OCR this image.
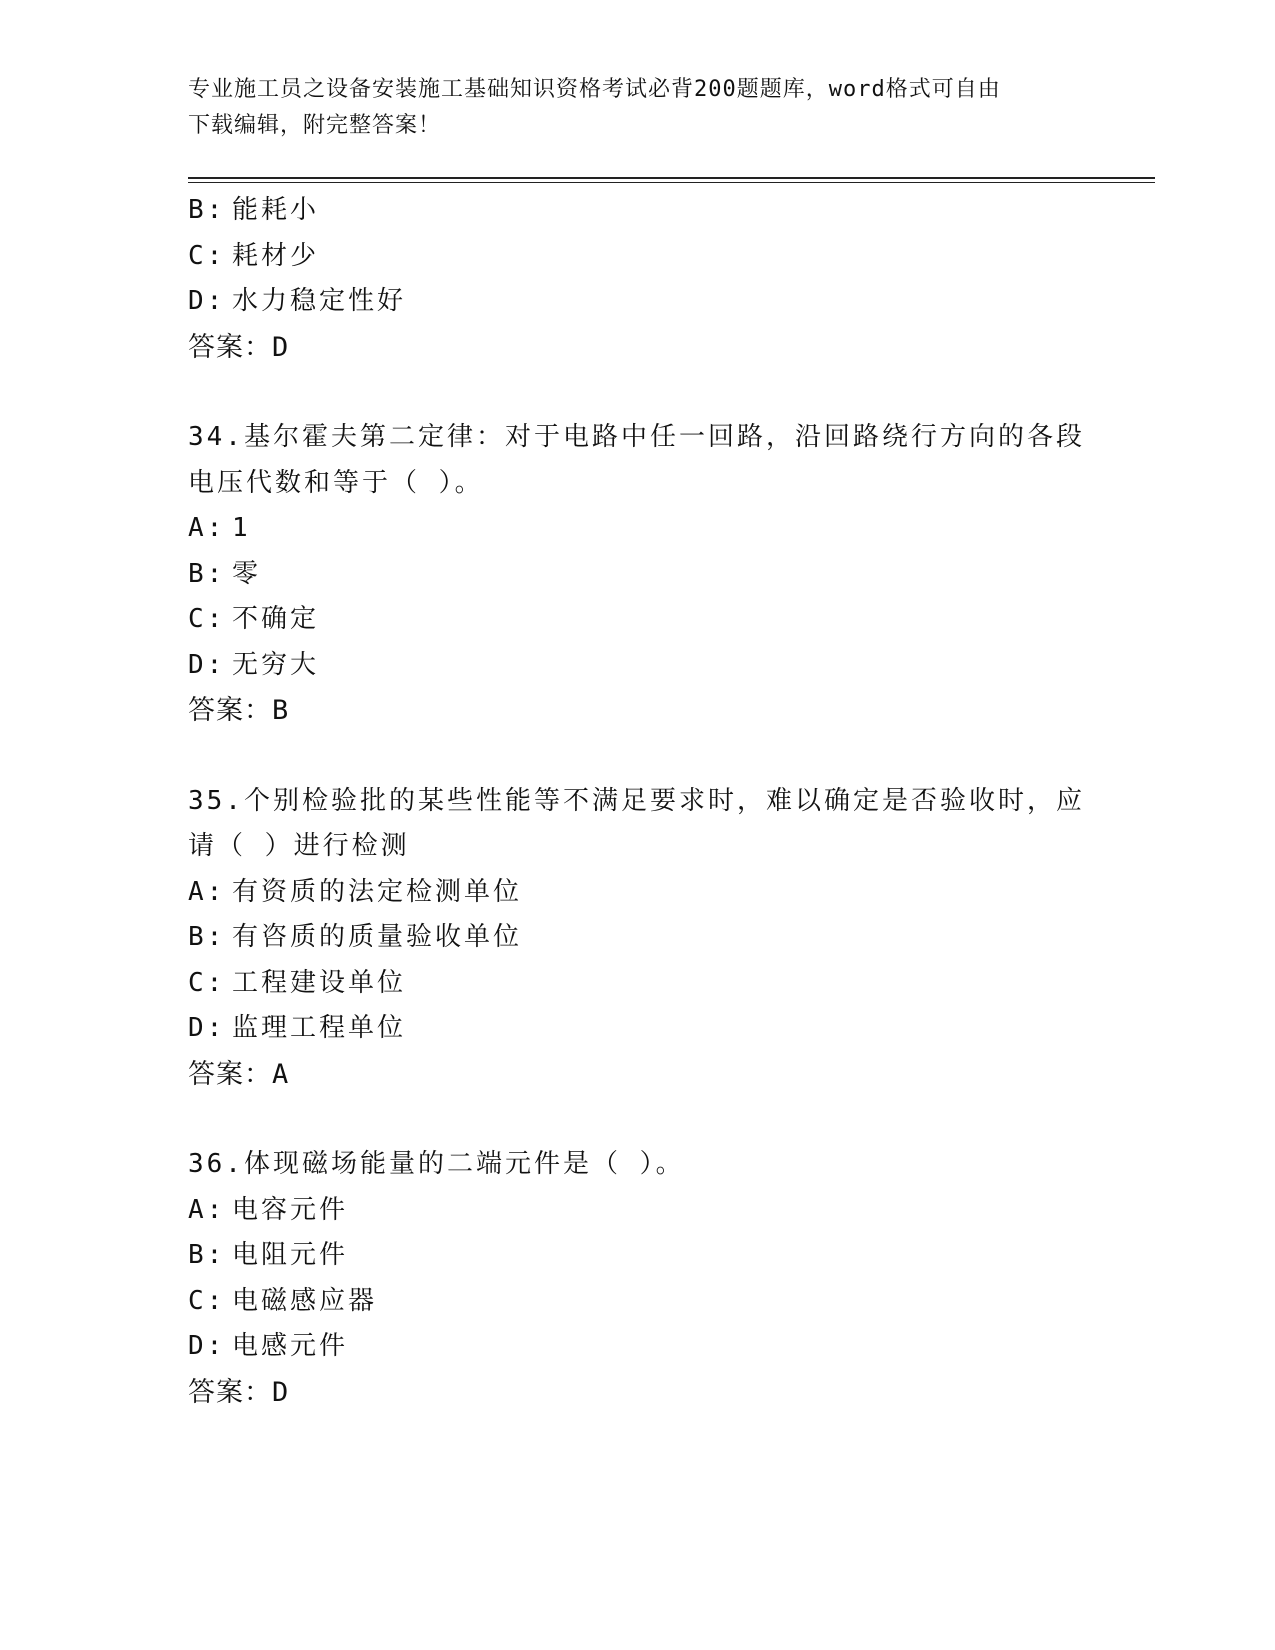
专业施工员之设备安装施工基础知识资格考试必背200题题库，word格式可自由
下载编辑，附完整答案！
B: 能耗小
C: 耗材少
D: 水力稳定性好
答案：D
34.基尔霍夫第二定律：对于电路中任一回路，沿回路绕行方向的各段
电压代数和等于（ ）。
A: 1
B: 零
C: 不确定
D: 无穷大
答案：B
35.个别检验批的某些性能等不满足要求时，难以确定是否验收时，应
请（ ）进行检测
A: 有资质的法定检测单位
B: 有咨质的质量验收单位
C: 工程建设单位
D: 监理工程单位
答案：A
36.体现磁场能量的二端元件是（ ）。
A: 电容元件
B: 电阻元件
C: 电磁感应器
D: 电感元件
答案：D
